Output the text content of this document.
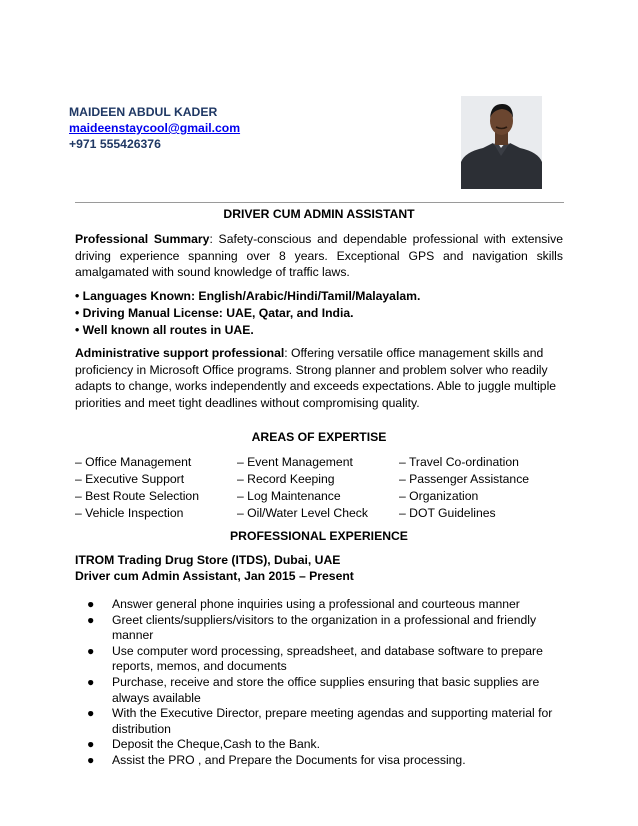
MAIDEEN ABDUL KADER
maideenstaycool@gmail.com
+971 555426376
DRIVER CUM ADMIN ASSISTANT
Professional Summary: Safety-conscious and dependable professional with extensive driving experience spanning over 8 years. Exceptional GPS and navigation skills amalgamated with sound knowledge of traffic laws.
• Languages Known: English/Arabic/Hindi/Tamil/Malayalam.
• Driving Manual License: UAE, Qatar, and India.
• Well known all routes in UAE.
Administrative support professional: Offering versatile office management skills and proficiency in Microsoft Office programs. Strong planner and problem solver who readily adapts to change, works independently and exceeds expectations. Able to juggle multiple priorities and meet tight deadlines without compromising quality.
AREAS OF EXPERTISE
– Office Management	– Event Management	– Travel Co-ordination
– Executive Support	– Record Keeping	– Passenger Assistance
– Best Route Selection	– Log Maintenance	– Organization
– Vehicle Inspection	– Oil/Water Level Check	– DOT Guidelines
PROFESSIONAL EXPERIENCE
ITROM Trading Drug Store (ITDS), Dubai, UAE
Driver cum Admin Assistant, Jan 2015 – Present
● Answer general phone inquiries using a professional and courteous manner
● Greet clients/suppliers/visitors to the organization in a professional and friendly manner
● Use computer word processing, spreadsheet, and database software to prepare reports, memos, and documents
● Purchase, receive and store the office supplies ensuring that basic supplies are always available
● With the Executive Director, prepare meeting agendas and supporting material for distribution
● Deposit the Cheque,Cash to the Bank.
● Assist the PRO , and Prepare the Documents for visa processing.
